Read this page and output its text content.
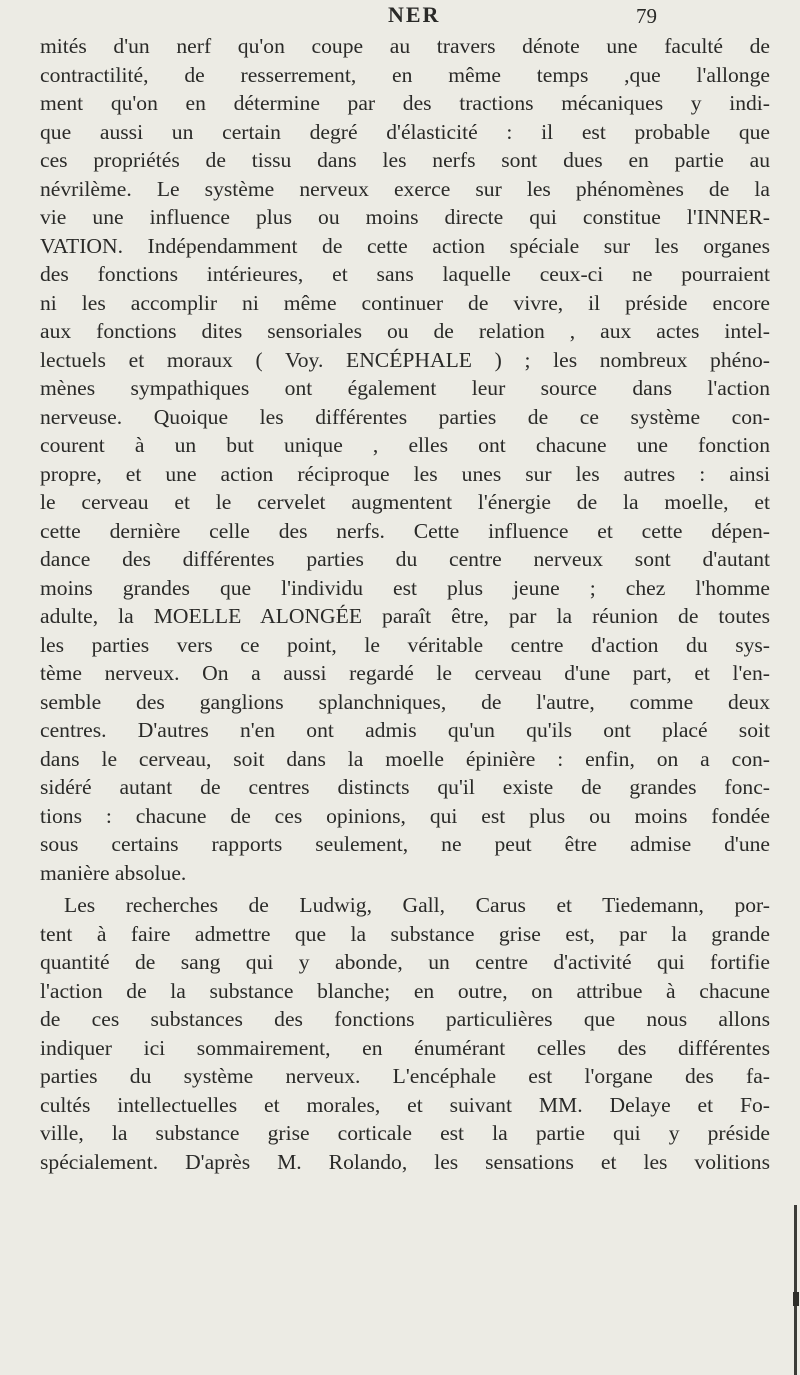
NER	79
mités d'un nerf qu'on coupe au travers dénote une faculté de
contractilité, de resserrement, en même temps ,que l'allonge
ment qu'on en détermine par des tractions mécaniques y indi-
que aussi un certain degré d'élasticité : il est probable que
ces propriétés de tissu dans les nerfs sont dues en partie au
névrilème. Le système nerveux exerce sur les phénomènes de la
vie une influence plus ou moins directe qui constitue l'INNER-
VATION. Indépendamment de cette action spéciale sur les organes
des fonctions intérieures, et sans laquelle ceux-ci ne pourraient
ni les accomplir ni même continuer de vivre, il préside encore
aux fonctions dites sensoriales ou de relation , aux actes intel-
lectuels et moraux ( Voy. ENCÉPHALE ) ; les nombreux phéno-
mènes sympathiques ont également leur source dans l'action
nerveuse. Quoique les différentes parties de ce système con-
courent à un but unique , elles ont chacune une fonction
propre, et une action réciproque les unes sur les autres : ainsi
le cerveau et le cervelet augmentent l'énergie de la moelle, et
cette dernière celle des nerfs. Cette influence et cette dépen-
dance des différentes parties du centre nerveux sont d'autant
moins grandes que l'individu est plus jeune ; chez l'homme
adulte, la MOELLE ALONGÉE paraît être, par la réunion de toutes
les parties vers ce point, le véritable centre d'action du sys-
tème nerveux. On a aussi regardé le cerveau d'une part, et l'en-
semble des ganglions splanchniques, de l'autre, comme deux
centres. D'autres n'en ont admis qu'un qu'ils ont placé soit
dans le cerveau, soit dans la moelle épinière : enfin, on a con-
sidéré autant de centres distincts qu'il existe de grandes fonc-
tions : chacune de ces opinions, qui est plus ou moins fondée
sous certains rapports seulement, ne peut être admise d'une
manière absolue.
Les recherches de Ludwig, Gall, Carus et Tiedemann, por-
tent à faire admettre que la substance grise est, par la grande
quantité de sang qui y abonde, un centre d'activité qui fortifie
l'action de la substance blanche; en outre, on attribue à chacune
de ces substances des fonctions particulières que nous allons
indiquer ici sommairement, en énumérant celles des différentes
parties du système nerveux. L'encéphale est l'organe des fa-
cultés intellectuelles et morales, et suivant MM. Delaye et Fo-
ville, la substance grise corticale est la partie qui y préside
spécialement. D'après M. Rolando, les sensations et les volitions
